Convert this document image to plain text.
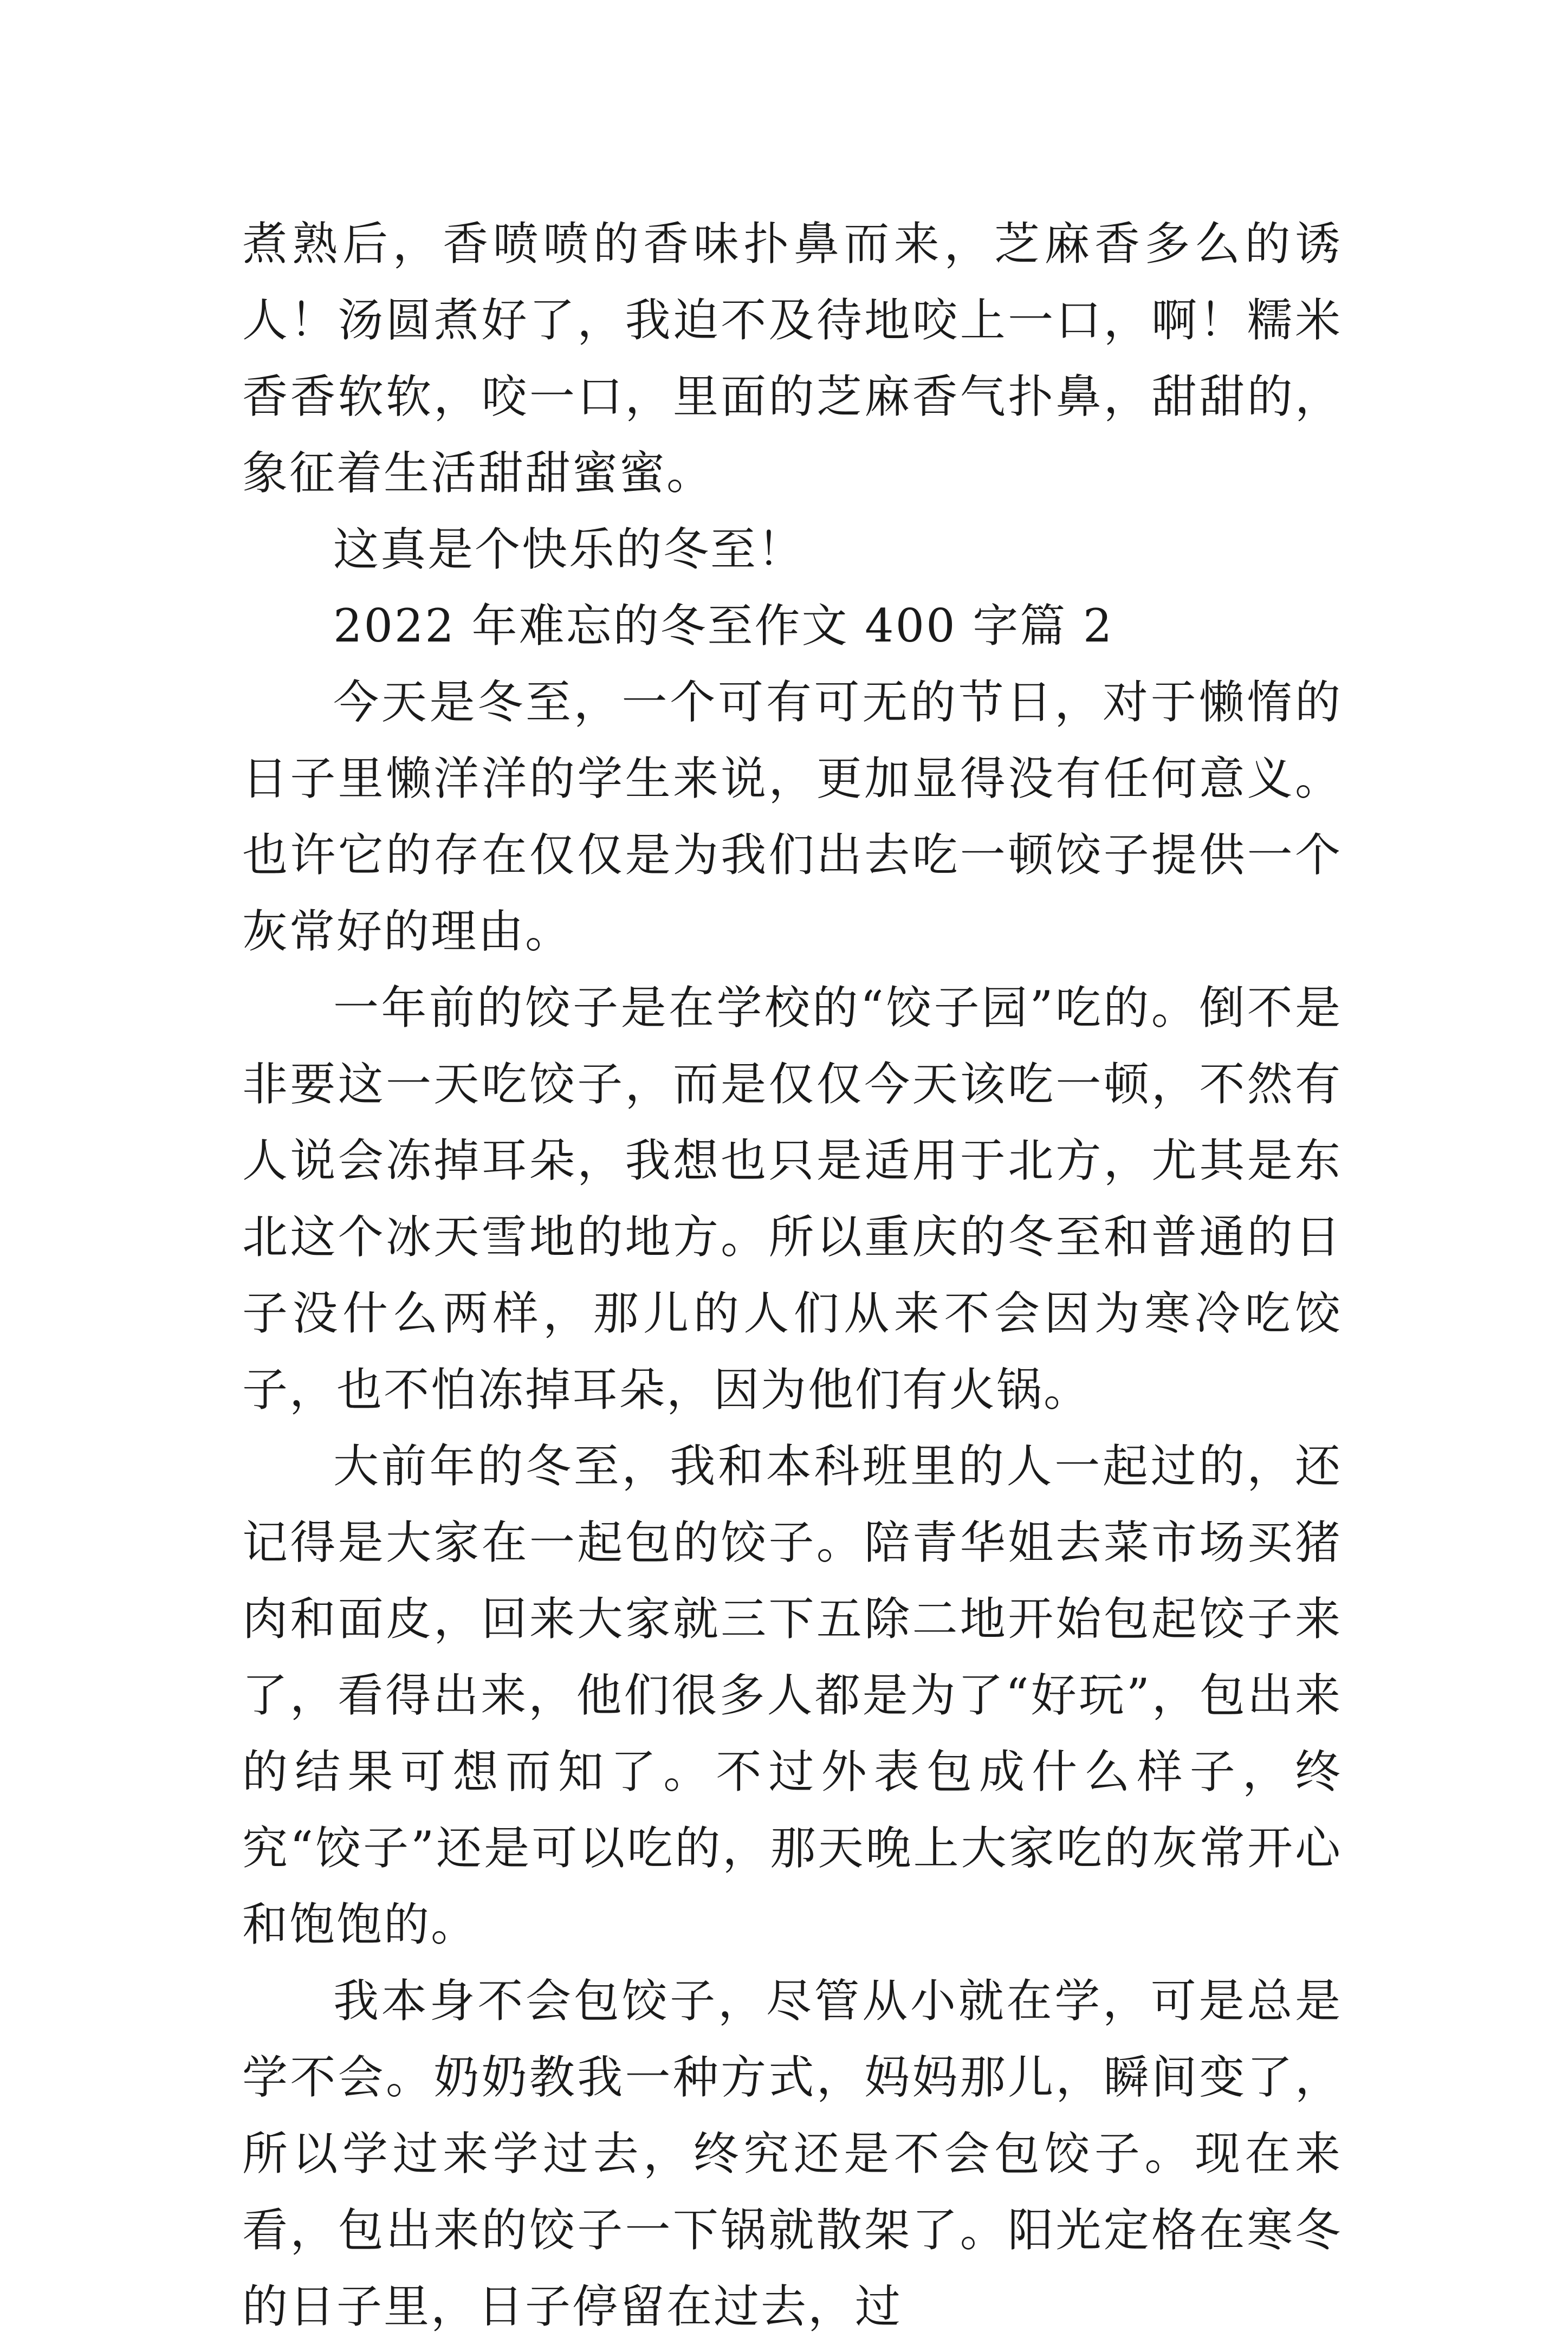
煮熟后，香喷喷的香味扑鼻而来，芝麻香多么的诱人！汤圆煮好了，我迫不及待地咬上一口，啊！糯米香香软软，咬一口，里面的芝麻香气扑鼻，甜甜的，象征着生活甜甜蜜蜜。

这真是个快乐的冬至！

2022 年难忘的冬至作文 400 字篇 2

今天是冬至，一个可有可无的节日，对于懒惰的日子里懒洋洋的学生来说，更加显得没有任何意义。也许它的存在仅仅是为我们出去吃一顿饺子提供一个灰常好的理由。

一年前的饺子是在学校的“饺子园”吃的。倒不是非要这一天吃饺子，而是仅仅今天该吃一顿，不然有人说会冻掉耳朵，我想也只是适用于北方，尤其是东北这个冰天雪地的地方。所以重庆的冬至和普通的日子没什么两样，那儿的人们从来不会因为寒冷吃饺子，也不怕冻掉耳朵，因为他们有火锅。

大前年的冬至，我和本科班里的人一起过的，还记得是大家在一起包的饺子。陪青华姐去菜市场买猪肉和面皮，回来大家就三下五除二地开始包起饺子来了，看得出来，他们很多人都是为了“好玩”，包出来的结果可想而知了。不过外表包成什么样子，终究“饺子”还是可以吃的，那天晚上大家吃的灰常开心和饱饱的。

我本身不会包饺子，尽管从小就在学，可是总是学不会。奶奶教我一种方式，妈妈那儿，瞬间变了，所以学过来学过去，终究还是不会包饺子。现在来看，包出来的饺子一下锅就散架了。阳光定格在寒冬的日子里，日子停留在过去，过
